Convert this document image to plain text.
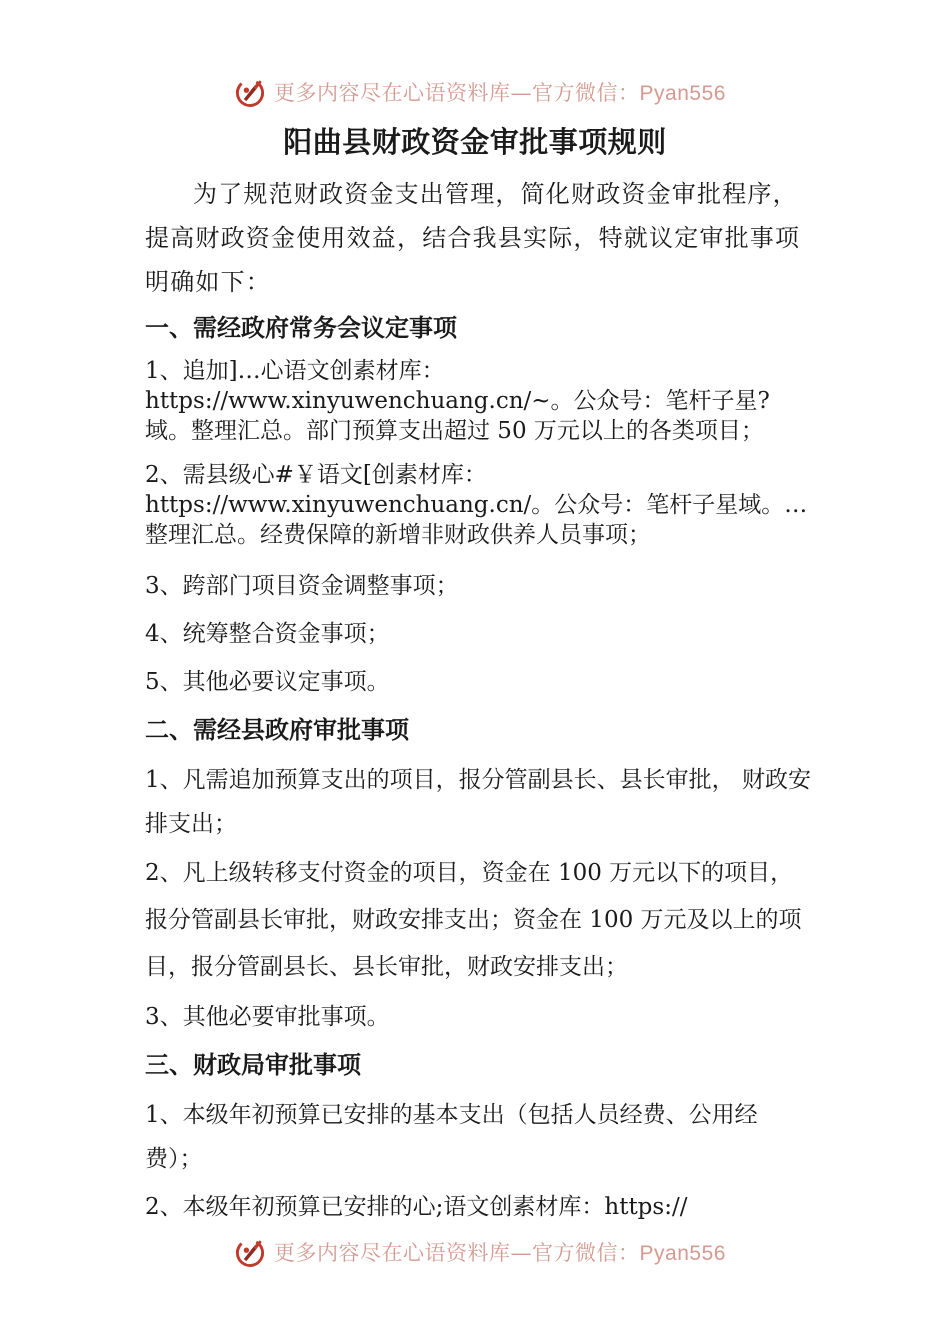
更多内容尽在心语资料库—官方微信：Pyan556
阳曲县财政资金审批事项规则

为了规范财政资金支出管理，简化财政资金审批程序，提高财政资金使用效益，结合我县实际，特就议定审批事项明确如下：

一、需经政府常务会议定事项

1、追加]…心语文创素材库：https://www.xinyuwenchuang.cn/~。公众号：笔杆子星?域。整理汇总。部门预算支出超过 50 万元以上的各类项目；

2、需县级心#￥语文[创素材库：https://www.xinyuwenchuang.cn/。公众号：笔杆子星域。…整理汇总。经费保障的新增非财政供养人员事项；

3、跨部门项目资金调整事项；

4、统筹整合资金事项；

5、其他必要议定事项。

二、需经县政府审批事项

1、凡需追加预算支出的项目，报分管副县长、县长审批， 财政安排支出；

2、凡上级转移支付资金的项目，资金在 100 万元以下的项目，报分管副县长审批，财政安排支出；资金在 100 万元及以上的项目，报分管副县长、县长审批，财政安排支出；

3、其他必要审批事项。

三、财政局审批事项

1、本级年初预算已安排的基本支出（包括人员经费、公用经费）；

2、本级年初预算已安排的心;语文创素材库：https://

更多内容尽在心语资料库—官方微信：Pyan556
